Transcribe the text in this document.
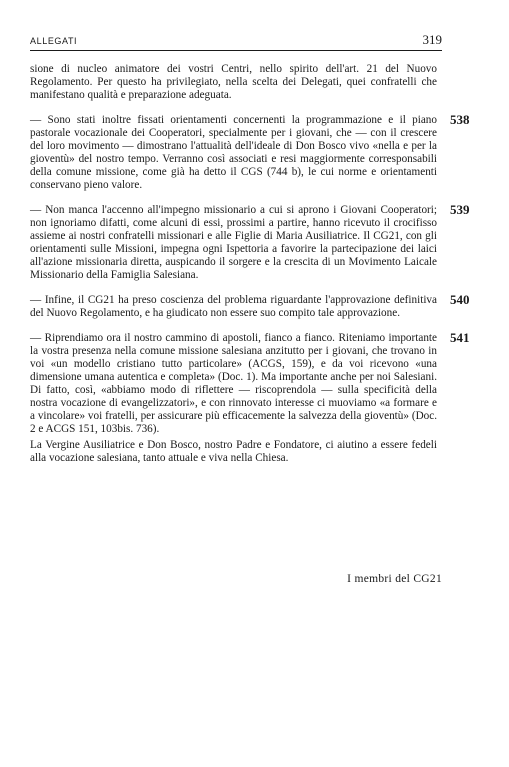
ALLEGATI	319

sione di nucleo animatore dei vostri Centri, nello spirito dell'art. 21 del Nuovo Regolamento. Per questo ha privilegiato, nella scelta dei Delegati, quei confratelli che manifestano qualità e preparazione adeguata.

538
— Sono stati inoltre fissati orientamenti concernenti la programmazione e il piano pastorale vocazionale dei Cooperatori, specialmente per i giovani, che — con il crescere del loro movimento — dimostrano l'attualità dell'ideale di Don Bosco vivo «nella e per la gioventù» del nostro tempo. Verranno così associati e resi maggiormente corresponsabili della comune missione, come già ha detto il CGS (744 b), le cui norme e orientamenti conservano pieno valore.

539
— Non manca l'accenno all'impegno missionario a cui si aprono i Giovani Cooperatori; non ignoriamo difatti, come alcuni di essi, prossimi a partire, hanno ricevuto il crocifisso assieme ai nostri confratelli missionari e alle Figlie di Maria Ausiliatrice. Il CG21, con gli orientamenti sulle Missioni, impegna ogni Ispettoria a favorire la partecipazione dei laici all'azione missionaria diretta, auspicando il sorgere e la crescita di un Movimento Laicale Missionario della Famiglia Salesiana.

540
— Infine, il CG21 ha preso coscienza del problema riguardante l'approvazione definitiva del Nuovo Regolamento, e ha giudicato non essere suo compito tale approvazione.

541
— Riprendiamo ora il nostro cammino di apostoli, fianco a fianco. Riteniamo importante la vostra presenza nella comune missione salesiana anzitutto per i giovani, che trovano in voi «un modello cristiano tutto particolare» (ACGS, 159), e da voi ricevono «una dimensione umana autentica e completa» (Doc. 1). Ma importante anche per noi Salesiani. Di fatto, così, «abbiamo modo di riflettere — riscoprendola — sulla specificità della nostra vocazione di evangelizzatori», e con rinnovato interesse ci muoviamo «a formare e a vincolare» voi fratelli, per assicurare più efficacemente la salvezza della gioventù» (Doc. 2 e ACGS 151, 103bis. 736).

La Vergine Ausiliatrice e Don Bosco, nostro Padre e Fondatore, ci aiutino a essere fedeli alla vocazione salesiana, tanto attuale e viva nella Chiesa.

I membri del CG21
